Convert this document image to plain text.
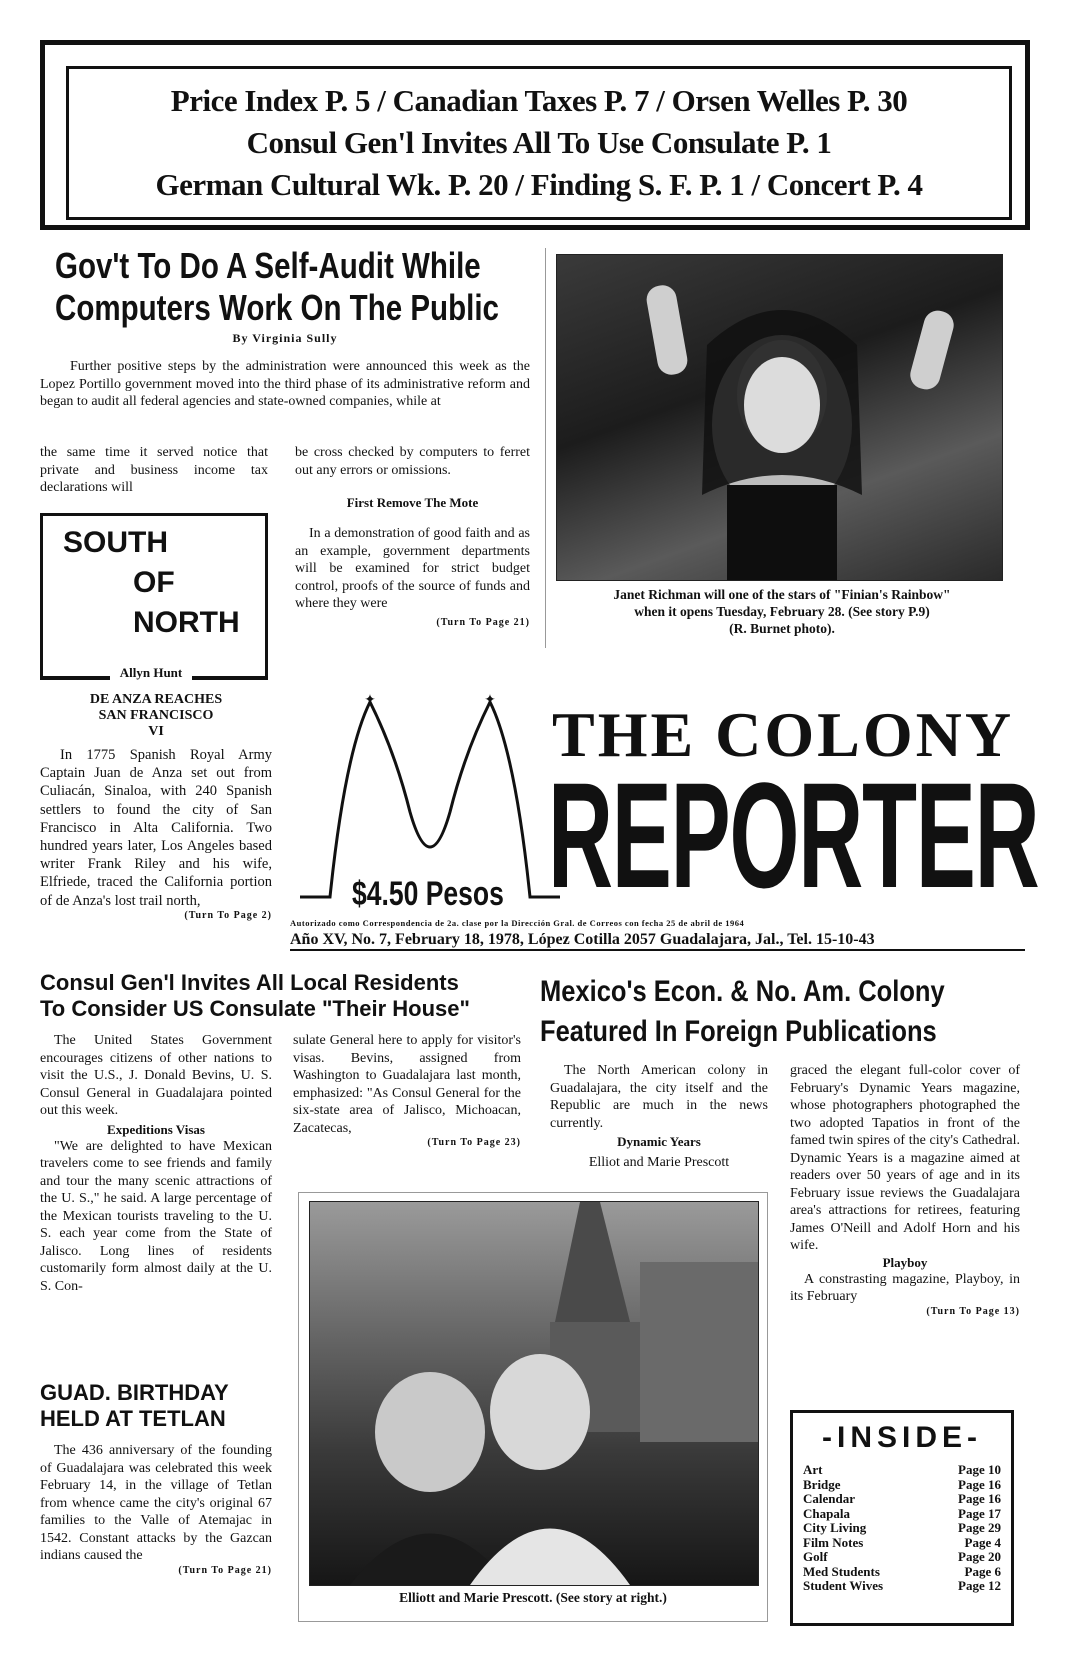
Price Index P. 5 / Canadian Taxes P. 7 / Orsen Welles P. 30
Consul Gen'l Invites All To Use Consulate P. 1
German Cultural Wk. P. 20 / Finding S. F. P. 1 / Concert P. 4
Gov't To Do A Self-Audit While
Computers Work On The Public
By Virginia Sully
Further positive steps by the administration were announced this week as the Lopez Portillo government moved into the third phase of its administrative reform and began to audit all federal agencies and state-owned companies, while at
the same time it served notice that private and business income tax declarations will
be cross checked by computers to ferret out any errors or omissions.
First Remove The Mote
In a demonstration of good faith and as an example, government departments will be examined for strict budget control, proofs of the source of funds and where they were
(Turn To Page 21)
Janet Richman will one of the stars of "Finian's Rainbow"
when it opens Tuesday, February 28. (See story P.9)
(R. Burnet photo).
SOUTH
OF
NORTH
Allyn Hunt
DE ANZA REACHES
SAN FRANCISCO
VI
In 1775 Spanish Royal Army Captain Juan de Anza set out from Culiacán, Sinaloa, with 240 Spanish settlers to found the city of San Francisco in Alta California. Two hundred years later, Los Angeles based writer Frank Riley and his wife, Elfriede, traced the California portion of de Anza's lost trail north,
(Turn To Page 2)
✦	✦
$4.50 Pesos
THE COLONY
REPORTER
Autorizado como Correspondencia de 2a. clase por la Dirección Gral. de Correos con fecha 25 de abril de 1964
Año XV, No. 7, February 18, 1978, López Cotilla 2057 Guadalajara, Jal., Tel. 15-10-43
Consul Gen'l Invites All Local Residents
To Consider US Consulate "Their House"
The United States Government encourages citizens of other nations to visit the U.S., J. Donald Bevins, U. S. Consul General in Guadalajara pointed out this week.
Expeditions Visas
"We are delighted to have Mexican travelers come to see friends and family and tour the many scenic attractions of the U. S.," he said. A large percentage of the Mexican tourists traveling to the U. S. each year come from the State of Jalisco. Long lines of residents customarily form almost daily at the U. S. Con-
sulate General here to apply for visitor's visas. Bevins, assigned from Washington to Guadalajara last month, emphasized: "As Consul General for the six-state area of Jalisco, Michoacan, Zacatecas,
(Turn To Page 23)
Mexico's Econ. & No. Am. Colony
Featured In Foreign Publications
The North American colony in Guadalajara, the city itself and the Republic are much in the news currently.
Dynamic Years
Elliot and Marie Prescott
graced the elegant full-color cover of February's Dynamic Years magazine, whose photographers photographed the two adopted Tapatios in front of the famed twin spires of the city's Cathedral. Dynamic Years is a magazine aimed at readers over 50 years of age and in its February issue reviews the Guadalajara area's attractions for retirees, featuring James O'Neill and Adolf Horn and his wife.
Playboy
A constrasting magazine, Playboy, in its February
(Turn To Page 13)
GUAD. BIRTHDAY
HELD AT TETLAN
The 436 anniversary of the founding of Guadalajara was celebrated this week February 14, in the village of Tetlan from whence came the city's original 67 families to the Valle of Atemajac in 1542. Constant attacks by the Gazcan indians caused the
(Turn To Page 21)
Elliott and Marie Prescott. (See story at right.)
-INSIDE-
Art	Page 10
Bridge	Page 16
Calendar	Page 16
Chapala	Page 17
City Living	Page 29
Film Notes	Page 4
Golf	Page 20
Med Students	Page 6
Student Wives	Page 12
